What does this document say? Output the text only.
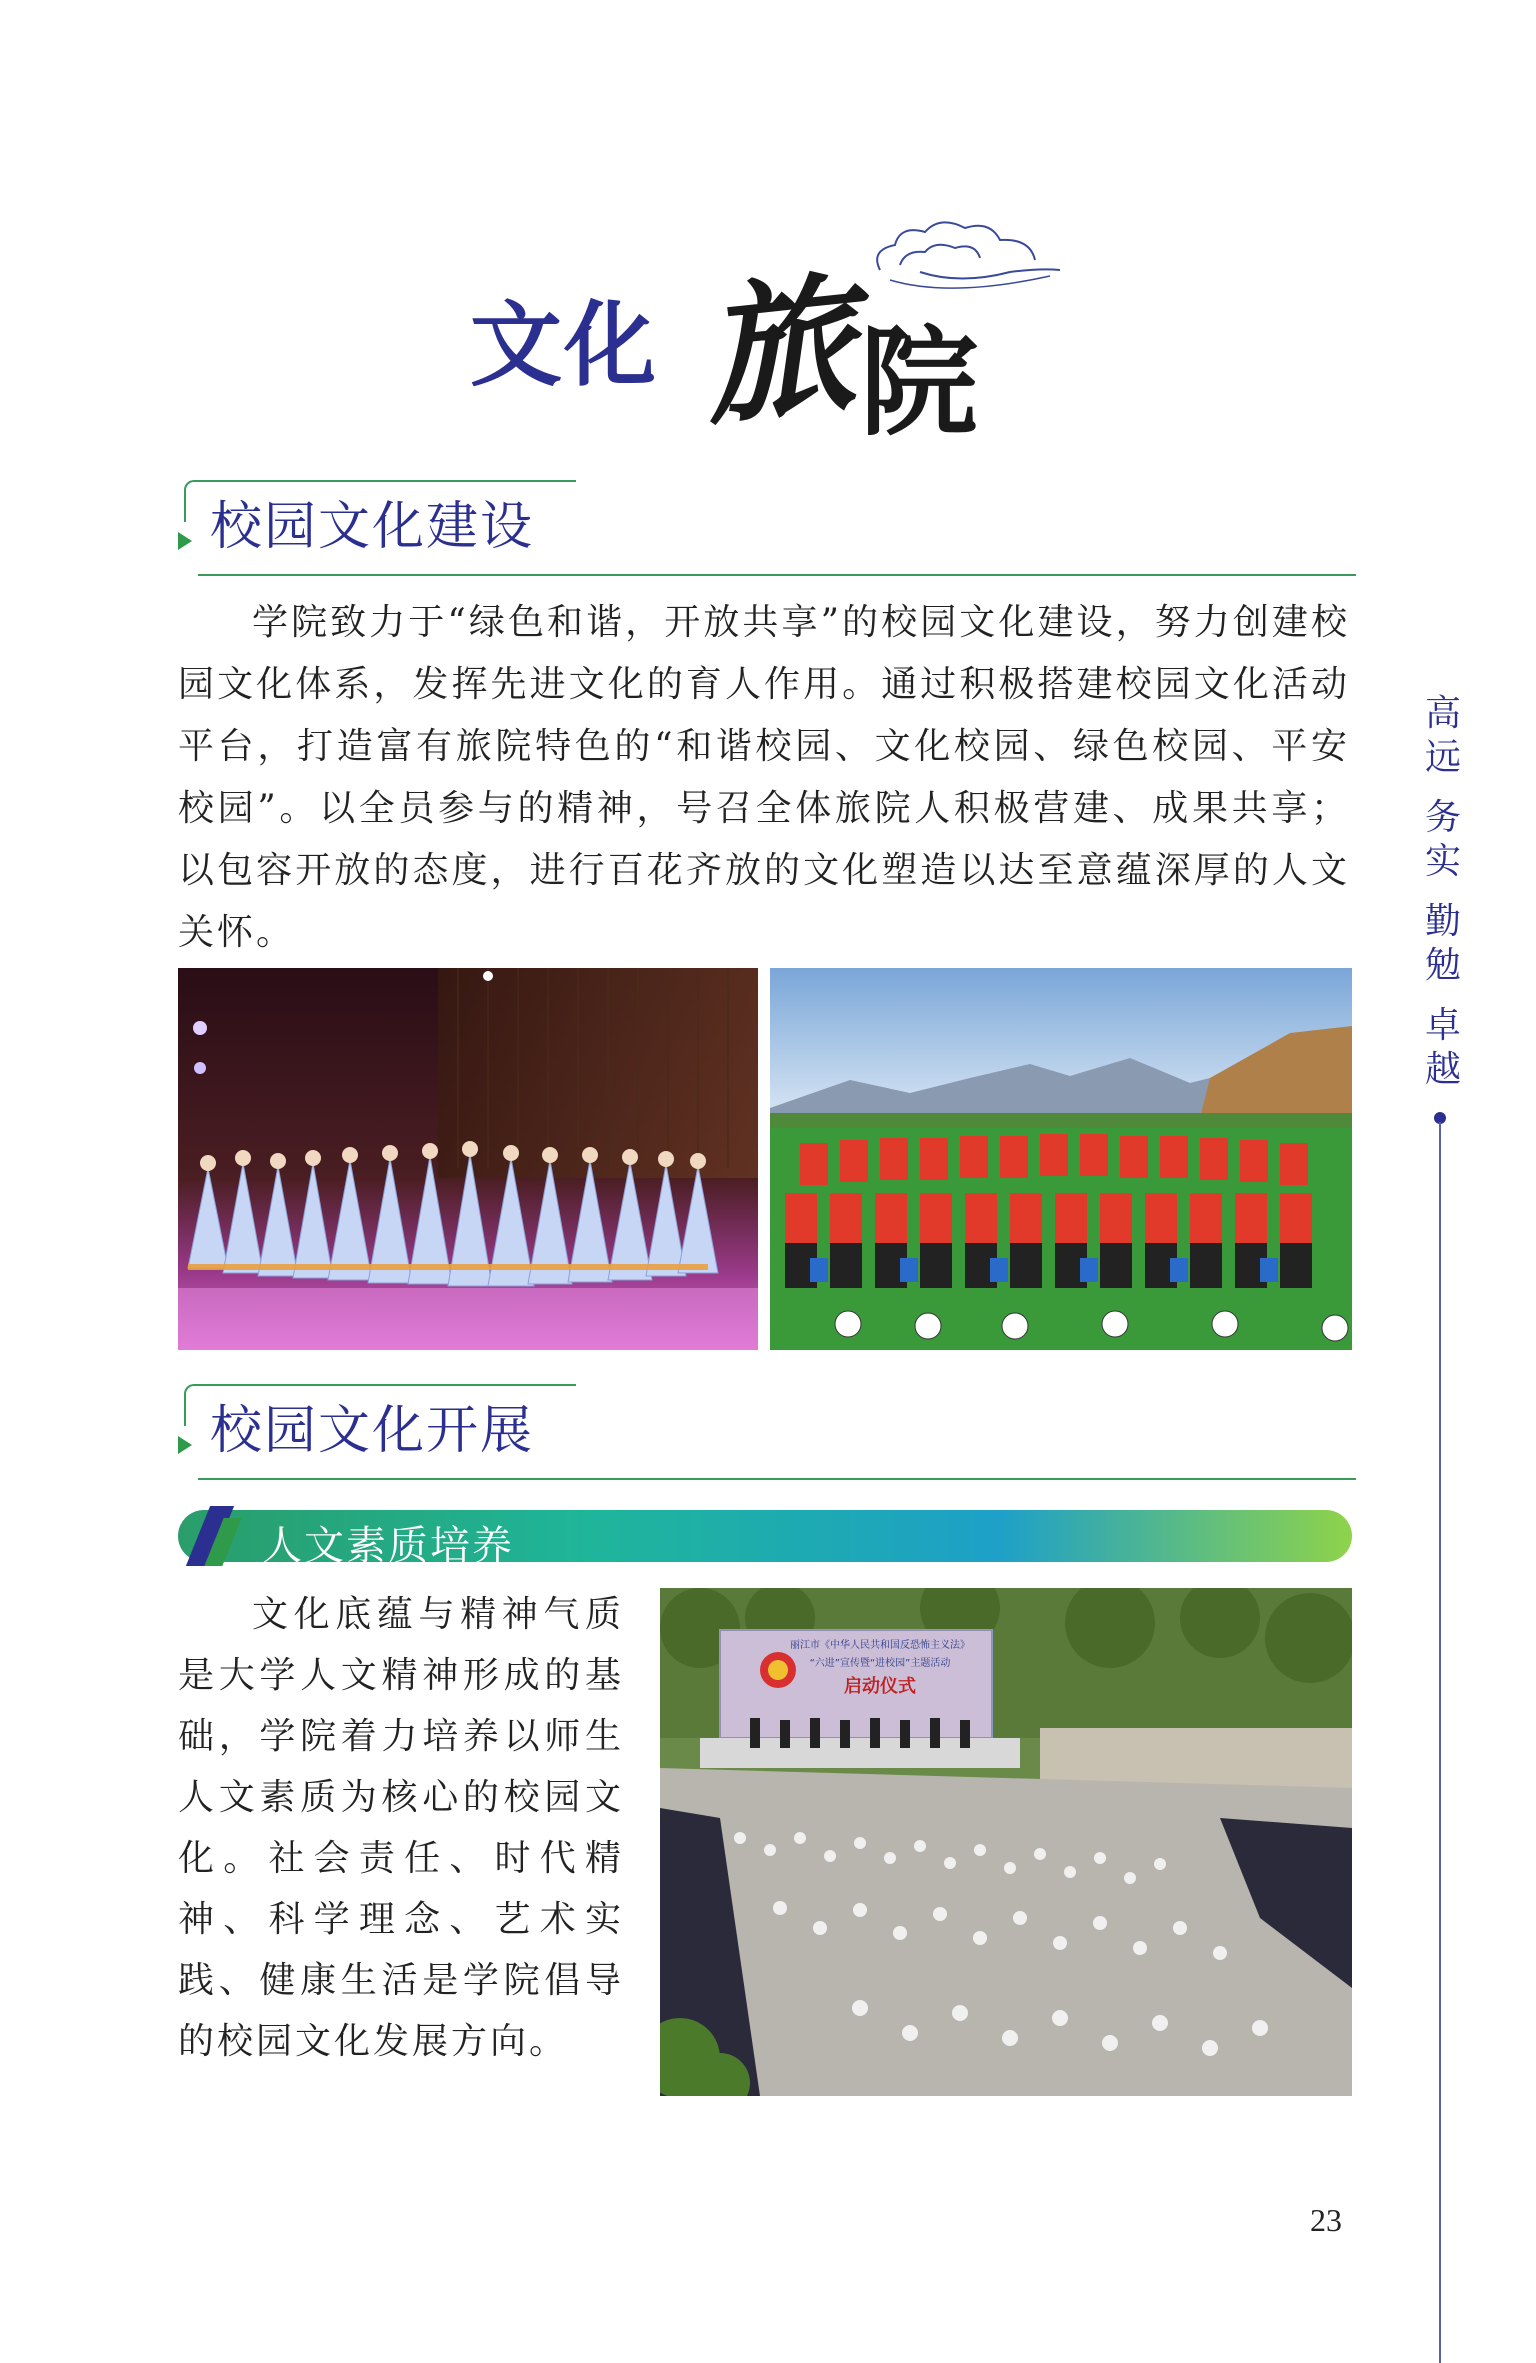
文化 旅
院
校园文化建设
学院致力于“绿色和谐，开放共享”的校园文化建设，努力创建校园文化体系，发挥先进文化的育人作用。通过积极搭建校园文化活动平台，打造富有旅院特色的“和谐校园、文化校园、绿色校园、平安校园”。以全员参与的精神，号召全体旅院人积极营建、成果共享；以包容开放的态度，进行百花齐放的文化塑造以达至意蕴深厚的人文关怀。
校园文化开展
人文素质培养
文化底蕴与精神气质是大学人文精神形成的基础，学院着力培养以师生人文素质为核心的校园文化。社会责任、时代精神、科学理念、艺术实践、健康生活是学院倡导的校园文化发展方向。
丽江市《中华人民共和国反恐怖主义法》
“六进”宣传暨“进校园”主题活动
启动仪式
高
远
务
实
勤
勉
卓
越
23
